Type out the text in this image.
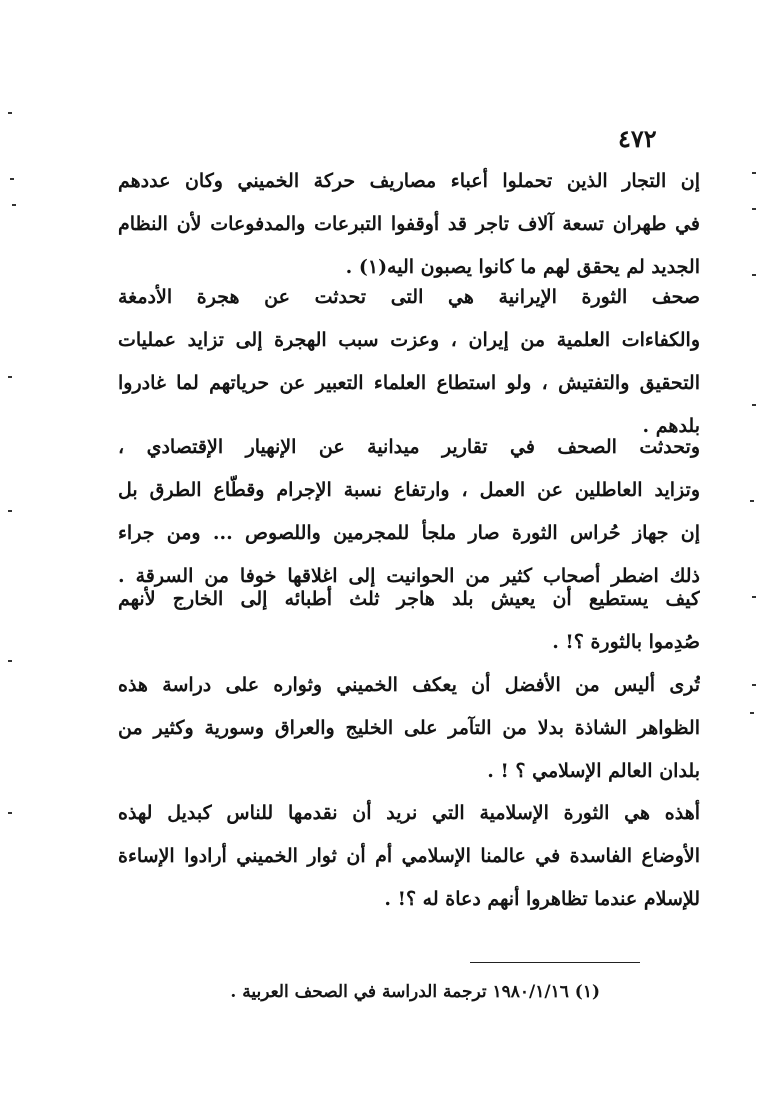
٤٧٢

إن التجار الذين تحملوا أعباء مصاريف حركة الخميني وكان عددهم
في طهران تسعة آلاف تاجر قد أوقفوا التبرعات والمدفوعات لأن النظام
الجديد لم يحقق لهم ما كانوا يصبون اليه(١) .

صحف الثورة الإيرانية هي التى تحدثت عن هجرة الأدمغة
والكفاءات العلمية من إيران ، وعزت سبب الهجرة إلى تزايد عمليات
التحقيق والتفتيش ، ولو استطاع العلماء التعبير عن حرياتهم لما غادروا
بلدهم .

وتحدثت الصحف في تقارير ميدانية عن الإنهيار الإقتصادي ،
وتزايد العاطلين عن العمل ، وارتفاع نسبة الإجرام وقطّاع الطرق بل
إن جهاز حُراس الثورة صار ملجأ للمجرمين واللصوص ... ومن جراء
ذلك اضطر أصحاب كثير من الحوانيت إلى اغلاقها خوفا من السرقة .

كيف يستطيع أن يعيش بلد هاجر ثلث أطبائه إلى الخارج لأنهم
صُدِموا بالثورة ؟! .

تُرى أليس من الأفضل أن يعكف الخميني وثواره على دراسة هذه
الظواهر الشاذة بدلا من التآمر على الخليج والعراق وسورية وكثير من
بلدان العالم الإسلامي ؟ ! .

أهذه هي الثورة الإسلامية التي نريد أن نقدمها للناس كبديل لهذه
الأوضاع الفاسدة في عالمنا الإسلامي أم أن ثوار الخميني أرادوا الإساءة
للإسلام عندما تظاهروا أنهم دعاة له ؟! .

(١) ١٩٨٠/١/١٦ ترجمة الدراسة في الصحف العربية .
